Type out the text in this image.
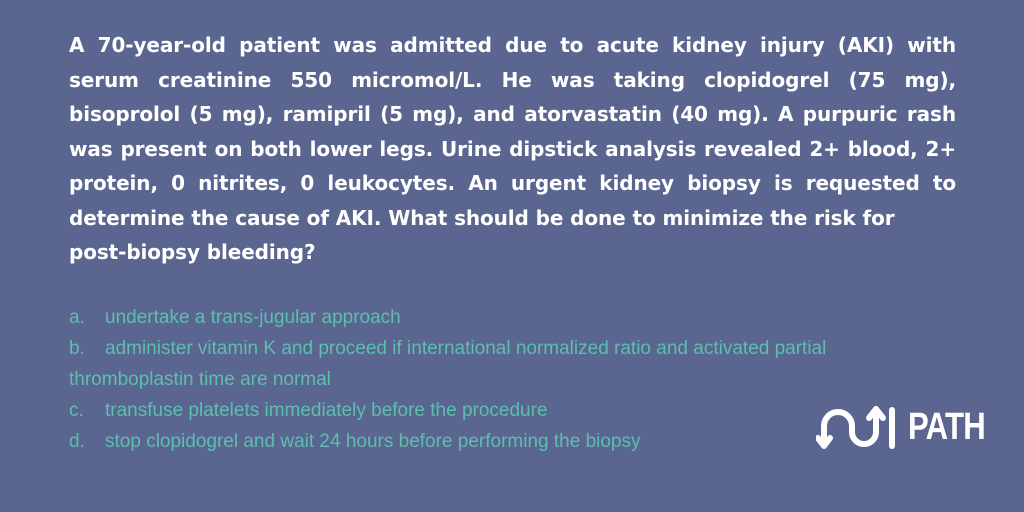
A 70-year-old patient was admitted due to acute kidney injury (AKI) with
serum creatinine 550 micromol/L. He was taking clopidogrel (75 mg),
bisoprolol (5 mg), ramipril (5 mg), and atorvastatin (40 mg). A purpuric rash
was present on both lower legs. Urine dipstick analysis revealed 2+ blood, 2+
protein, 0 nitrites, 0 leukocytes. An urgent kidney biopsy is requested to
determine the cause of AKI. What should be done to minimize the risk for
post-biopsy bleeding?
a. undertake a trans-jugular approach
b. administer vitamin K and proceed if international normalized ratio and activated partial
thromboplastin time are normal
c. transfuse platelets immediately before the procedure
d. stop clopidogrel and wait 24 hours before performing the biopsy	PATH
